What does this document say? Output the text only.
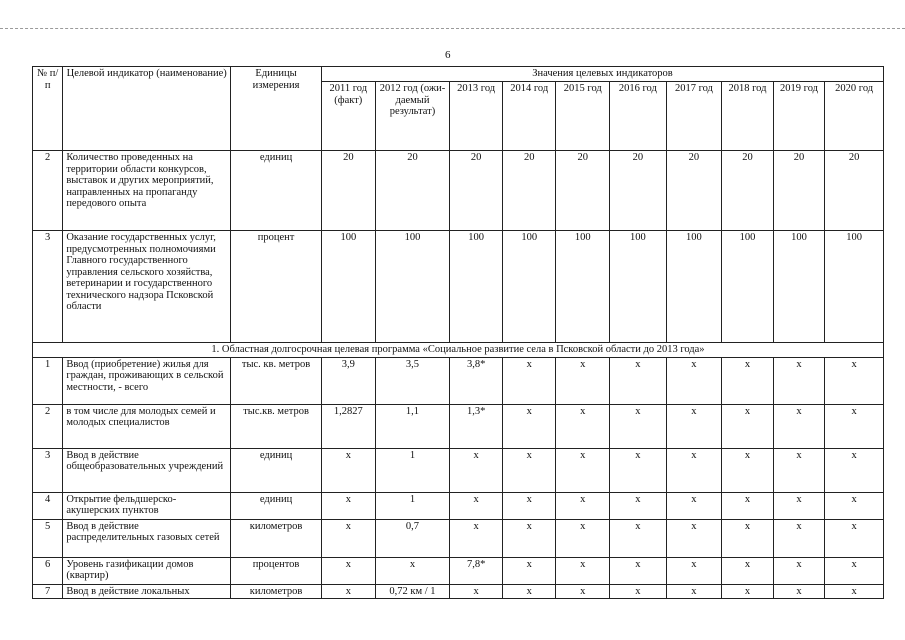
6
№ п/п	Целевой индикатор (наименование)	Единицы измерения	Значения целевых индикаторов									
			2011 год (факт)	2012 год (ожи-даемый результат)	2013 год	2014 год	2015 год	2016 год	2017 год	2018 год	2019 год	2020 год
2	Количество проведенных на территории области конкурсов, выставок и других мероприятий, направленных на пропаганду передового опыта	единиц	20	20	20	20	20	20	20	20	20	20
3	Оказание государственных услуг, предусмотренных полномочиями Главного государственного управления сельского хозяйства, ветеринарии и государственного технического надзора Псковской области	процент	100	100	100	100	100	100	100	100	100	100
1. Областная долгосрочная целевая программа «Социальное развитие села в Псковской области до 2013 года»												
1	Ввод (приобретение) жилья для граждан, проживающих в сельской местности, - всего	тыс. кв. метров	3,9	3,5	3,8*	х	х	х	х	х	х	х
2	в том числе для молодых семей и молодых специалистов	тыс.кв. метров	1,2827	1,1	1,3*	х	х	х	х	х	х	х
3	Ввод в действие общеобразовательных учреждений	единиц	х	1	х	х	х	х	х	х	х	х
4	Открытие фельдшерско-акушерских пунктов	единиц	х	1	х	х	х	х	х	х	х	х
5	Ввод в действие распределительных газовых сетей	километров	х	0,7	х	х	х	х	х	х	х	х
6	Уровень газификации домов (квартир)	процентов	х	х	7,8*	х	х	х	х	х	х	х
7	Ввод в действие локальных	километров	х	0,72 км / 1	х	х	х	х	х	х	х	х
